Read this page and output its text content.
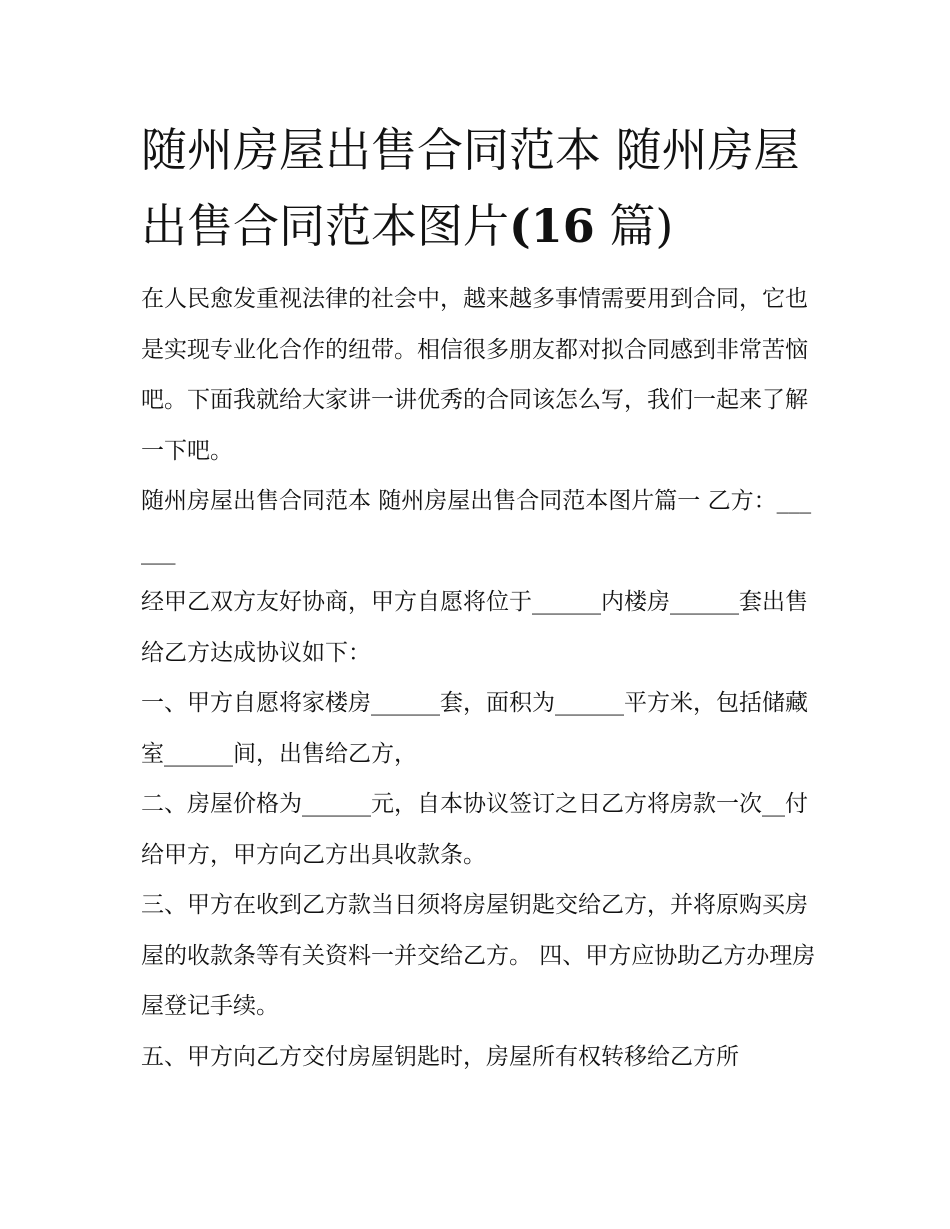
随州房屋出售合同范本 随州房屋出售合同范本图片(16 篇)

在人民愈发重视法律的社会中，越来越多事情需要用到合同，它也是实现专业化合作的纽带。相信很多朋友都对拟合同感到非常苦恼吧。下面我就给大家讲一讲优秀的合同该怎么写，我们一起来了解一下吧。

随州房屋出售合同范本 随州房屋出售合同范本图片篇一 乙方：______

经甲乙双方友好协商，甲方自愿将位于______内楼房______套出售给乙方达成协议如下：

一、甲方自愿将家楼房______套，面积为______平方米，包括储藏室______间，出售给乙方，

二、房屋价格为______元，自本协议签订之日乙方将房款一次__付给甲方，甲方向乙方出具收款条。

三、甲方在收到乙方款当日须将房屋钥匙交给乙方，并将原购买房屋的收款条等有关资料一并交给乙方。 四、甲方应协助乙方办理房屋登记手续。

五、甲方向乙方交付房屋钥匙时，房屋所有权转移给乙方所
